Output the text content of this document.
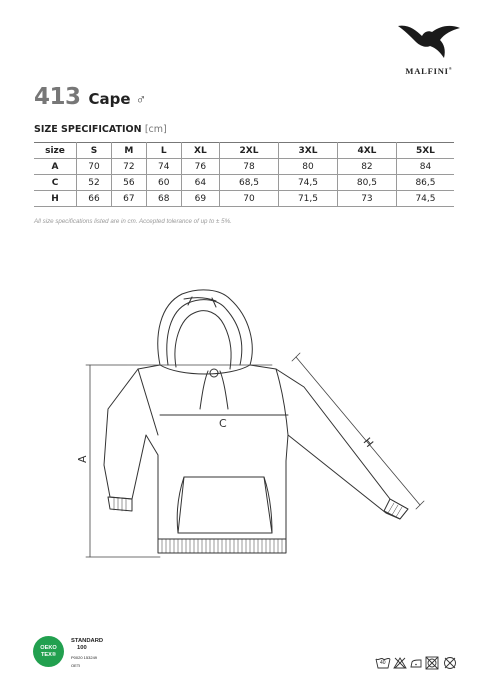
MALFINI®
413 Cape ♂
SIZE SPECIFICATION [cm]
size	S	M	L	XL	2XL	3XL	4XL	5XL
A	70	72	74	76	78	80	82	84
C	52	56	60	64	68,5	74,5	80,5	86,5
H	66	67	68	69	70	71,5	73	74,5
All size specifications listed are in cm. Accepted tolerance of up to ± 5%.
A
C
H
OEKO
TEX®
STANDARD
100
P0020 153249
OETI	40
